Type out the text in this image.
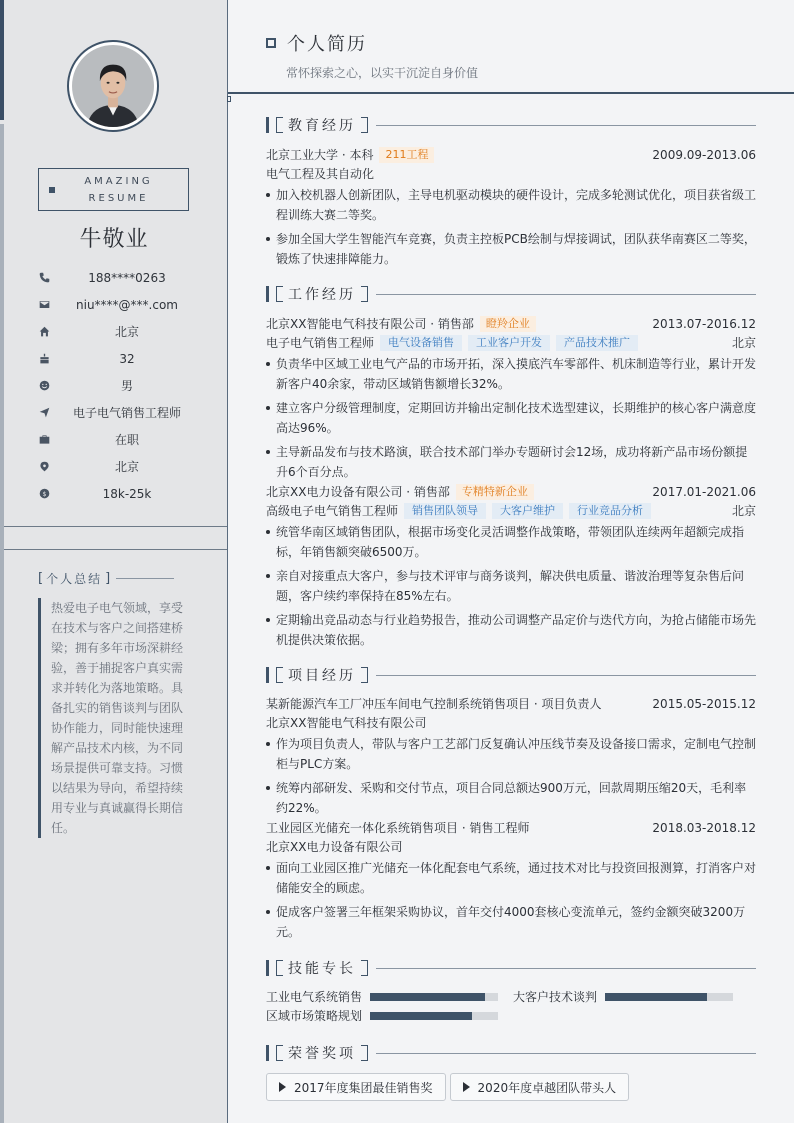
AMAZING
RESUME
牛敬业
188****0263
niu****@***.com
北京
32
男
电子电气销售工程师
在职
北京
$	18k-25k
[ 个人总结 ]
热爱电子电气领域，享受在技术与客户之间搭建桥梁；拥有多年市场深耕经验，善于捕捉客户真实需求并转化为落地策略。具备扎实的销售谈判与团队协作能力，同时能快速理解产品技术内核，为不同场景提供可靠支持。习惯以结果为导向，希望持续用专业与真诚赢得长期信任。
个人简历
常怀探索之心，以实干沉淀自身价值
教育经历
北京工业大学 · 本科	211工程	2009.09-2013.06
电气工程及其自动化
加入校机器人创新团队，主导电机驱动模块的硬件设计，完成多轮测试优化，项目获省级工程训练大赛二等奖。
参加全国大学生智能汽车竞赛，负责主控板PCB绘制与焊接调试，团队获华南赛区二等奖，锻炼了快速排障能力。
工作经历
北京XX智能电气科技有限公司 · 销售部	瞪羚企业	2013.07-2016.12
电子电气销售工程师	电气设备销售	工业客户开发	产品技术推广	北京
负责华中区域工业电气产品的市场开拓，深入摸底汽车零部件、机床制造等行业，累计开发新客户40余家，带动区域销售额增长32%。
建立客户分级管理制度，定期回访并输出定制化技术选型建议，长期维护的核心客户满意度高达96%。
主导新品发布与技术路演，联合技术部门举办专题研讨会12场，成功将新产品市场份额提升6个百分点。
北京XX电力设备有限公司 · 销售部	专精特新企业	2017.01-2021.06
高级电子电气销售工程师	销售团队领导	大客户维护	行业竞品分析	北京
统管华南区域销售团队，根据市场变化灵活调整作战策略，带领团队连续两年超额完成指标，年销售额突破6500万。
亲自对接重点大客户，参与技术评审与商务谈判，解决供电质量、谐波治理等复杂售后问题，客户续约率保持在85%左右。
定期输出竞品动态与行业趋势报告，推动公司调整产品定价与迭代方向，为抢占储能市场先机提供决策依据。
项目经历
某新能源汽车工厂冲压车间电气控制系统销售项目 · 项目负责人	2015.05-2015.12
北京XX智能电气科技有限公司
作为项目负责人，带队与客户工艺部门反复确认冲压线节奏及设备接口需求，定制电气控制柜与PLC方案。
统筹内部研发、采购和交付节点，项目合同总额达900万元，回款周期压缩20天，毛利率约22%。
工业园区光储充一体化系统销售项目 · 销售工程师	2018.03-2018.12
北京XX电力设备有限公司
面向工业园区推广光储充一体化配套电气系统，通过技术对比与投资回报测算，打消客户对储能安全的顾虑。
促成客户签署三年框架采购协议，首年交付4000套核心变流单元，签约金额突破3200万元。
技能专长
工业电气系统销售	大客户技术谈判
区域市场策略规划
荣誉奖项
2017年度集团最佳销售奖	2020年度卓越团队带头人
